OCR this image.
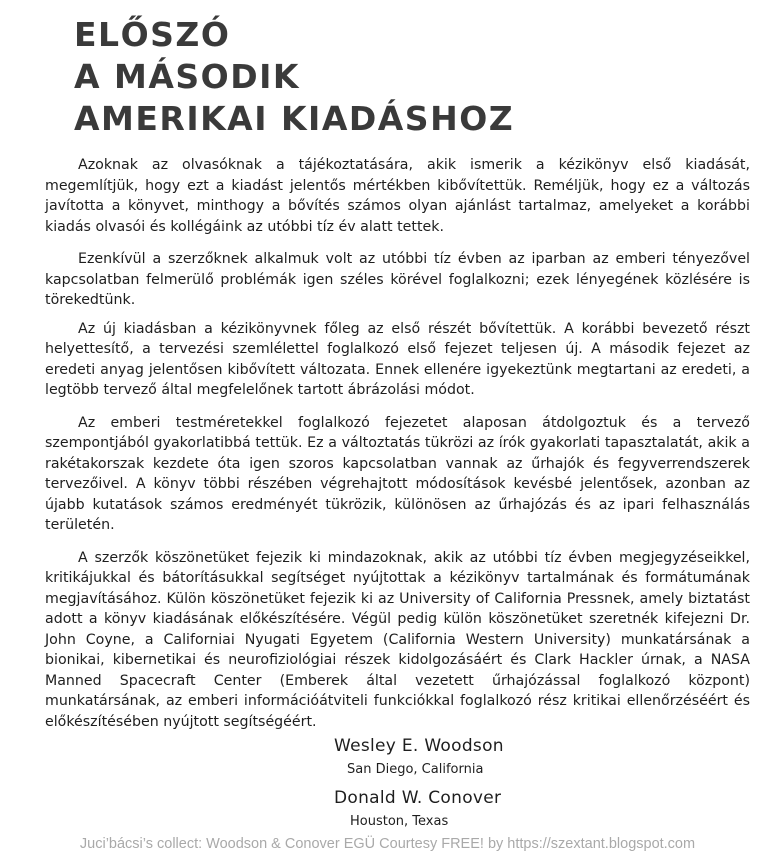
ELŐSZÓ
A MÁSODIK
AMERIKAI KIADÁSHOZ

Azoknak az olvasóknak a tájékoztatására, akik ismerik a kézikönyv első kiadását, megemlítjük, hogy ezt a kiadást jelentős mértékben kibővítettük. Reméljük, hogy ez a változás javította a könyvet, minthogy a bővítés számos olyan ajánlást tartalmaz, amelyeket a korábbi kiadás olvasói és kollégáink az utóbbi tíz év alatt tettek.

Ezenkívül a szerzőknek alkalmuk volt az utóbbi tíz évben az iparban az emberi tényezővel kapcsolatban felmerülő problémák igen széles körével foglalkozni; ezek lényegének közlésére is törekedtünk.

Az új kiadásban a kézikönyvnek főleg az első részét bővítettük. A korábbi bevezető részt helyettesítő, a tervezési szemlélettel foglalkozó első fejezet teljesen új. A második fejezet az eredeti anyag jelentősen kibővített változata. Ennek ellenére igyekeztünk megtartani az eredeti, a legtöbb tervező által megfelelőnek tartott ábrázolási módot.

Az emberi testméretekkel foglalkozó fejezetet alaposan átdolgoztuk és a tervező szempontjából gyakorlatibbá tettük. Ez a változtatás tükrözi az írók gyakorlati tapasztalatát, akik a rakétakorszak kezdete óta igen szoros kapcsolatban vannak az űrhajók és fegyverrendszerek tervezőivel. A könyv többi részében végrehajtott módosítások kevésbé jelentősek, azonban az újabb kutatások számos eredményét tükrözik, különösen az űrhajózás és az ipari felhasználás területén.

A szerzők köszönetüket fejezik ki mindazoknak, akik az utóbbi tíz évben megjegyzéseikkel, kritikájukkal és bátorításukkal segítséget nyújtottak a kézikönyv tartalmának és formátumának megjavításához. Külön köszönetüket fejezik ki az University of California Pressnek, amely biztatást adott a könyv kiadásának előkészítésére. Végül pedig külön köszönetüket szeretnék kifejezni Dr. John Coyne, a Californiai Nyugati Egyetem (California Western University) munkatársának a bionikai, kibernetikai és neurofiziológiai részek kidolgozásáért és Clark Hackler úrnak, a NASA Manned Spacecraft Center (Emberek által vezetett űrhajózással foglalkozó központ) munkatársának, az emberi információátviteli funkciókkal foglalkozó rész kritikai ellenőrzéséért és előkészítésében nyújtott segítségéért.

Wesley E. Woodson
San Diego, California
Donald W. Conover
Houston, Texas
Juci’bácsi’s collect: Woodson & Conover EGÜ Courtesy FREE! by https://szextant.blogspot.com
